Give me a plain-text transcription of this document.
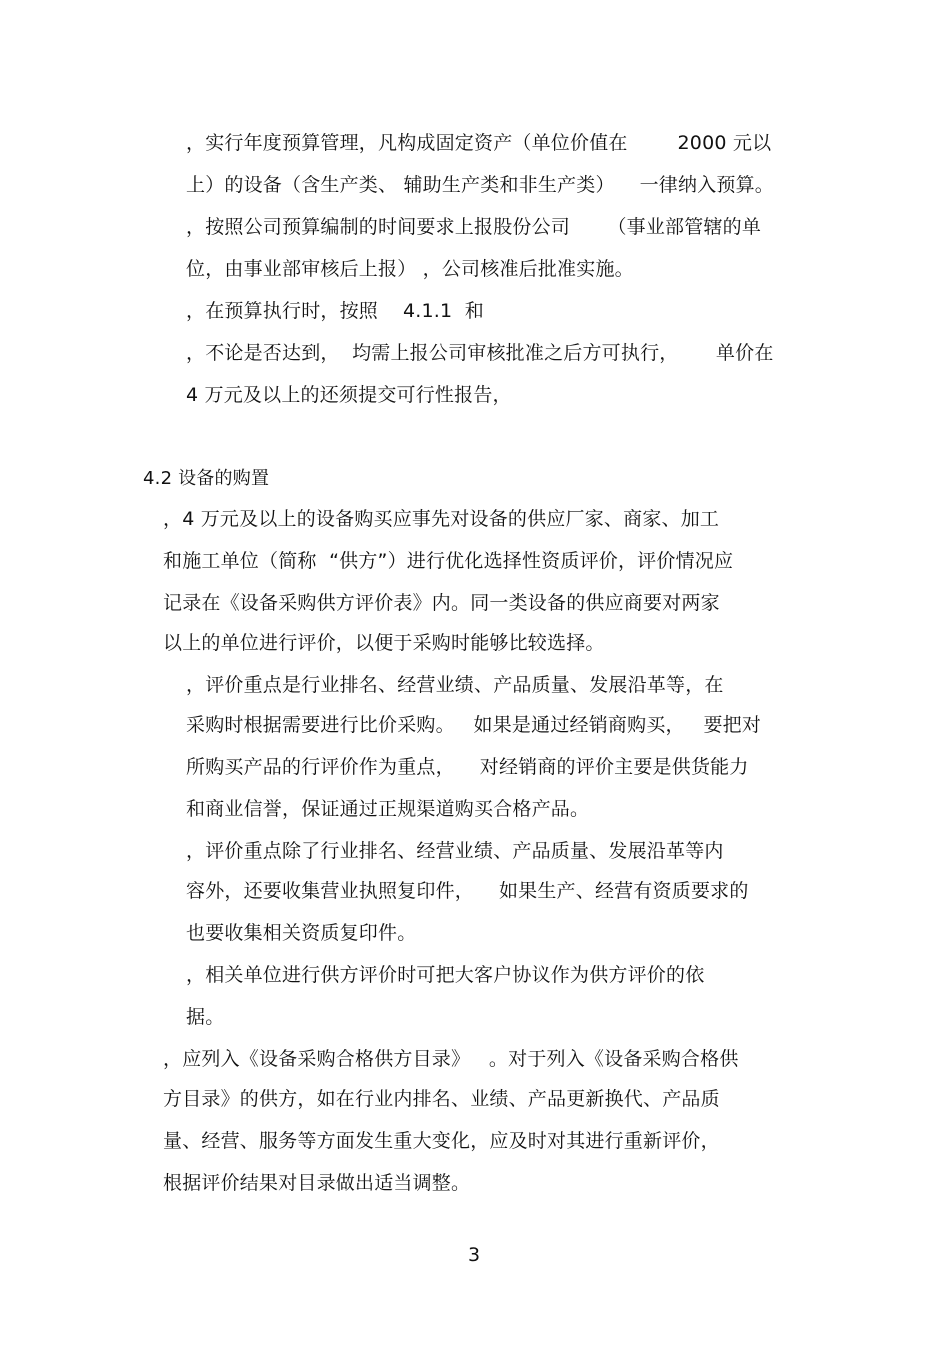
，实行年度预算管理，凡构成固定资产（单位价值在        2000 元以
上）的设备（含生产类、 辅助生产类和非生产类）    一律纳入预算。
，按照公司预算编制的时间要求上报股份公司      （事业部管辖的单
位，由事业部审核后上报） ，公司核准后批准实施。
，在预算执行时，按照    4.1.1  和
，不论是否达到，  均需上报公司审核批准之后方可执行，      单价在
4 万元及以上的还须提交可行性报告，
4.2 设备的购置
，4 万元及以上的设备购买应事先对设备的供应厂家、商家、加工
和施工单位（简称  “供方”）进行优化选择性资质评价，评价情况应
记录在《设备采购供方评价表》内。同一类设备的供应商要对两家
以上的单位进行评价，以便于采购时能够比较选择。
，评价重点是行业排名、经营业绩、产品质量、发展沿革等，在
采购时根据需要进行比价采购。   如果是通过经销商购买，   要把对
所购买产品的行评价作为重点，    对经销商的评价主要是供货能力
和商业信誉，保证通过正规渠道购买合格产品。
，评价重点除了行业排名、经营业绩、产品质量、发展沿革等内
容外，还要收集营业执照复印件，    如果生产、经营有资质要求的
也要收集相关资质复印件。
，相关单位进行供方评价时可把大客户协议作为供方评价的依
据。
，应列入《设备采购合格供方目录》   。对于列入《设备采购合格供
方目录》的供方，如在行业内排名、业绩、产品更新换代、产品质
量、经营、服务等方面发生重大变化，应及时对其进行重新评价，
根据评价结果对目录做出适当调整。
3
